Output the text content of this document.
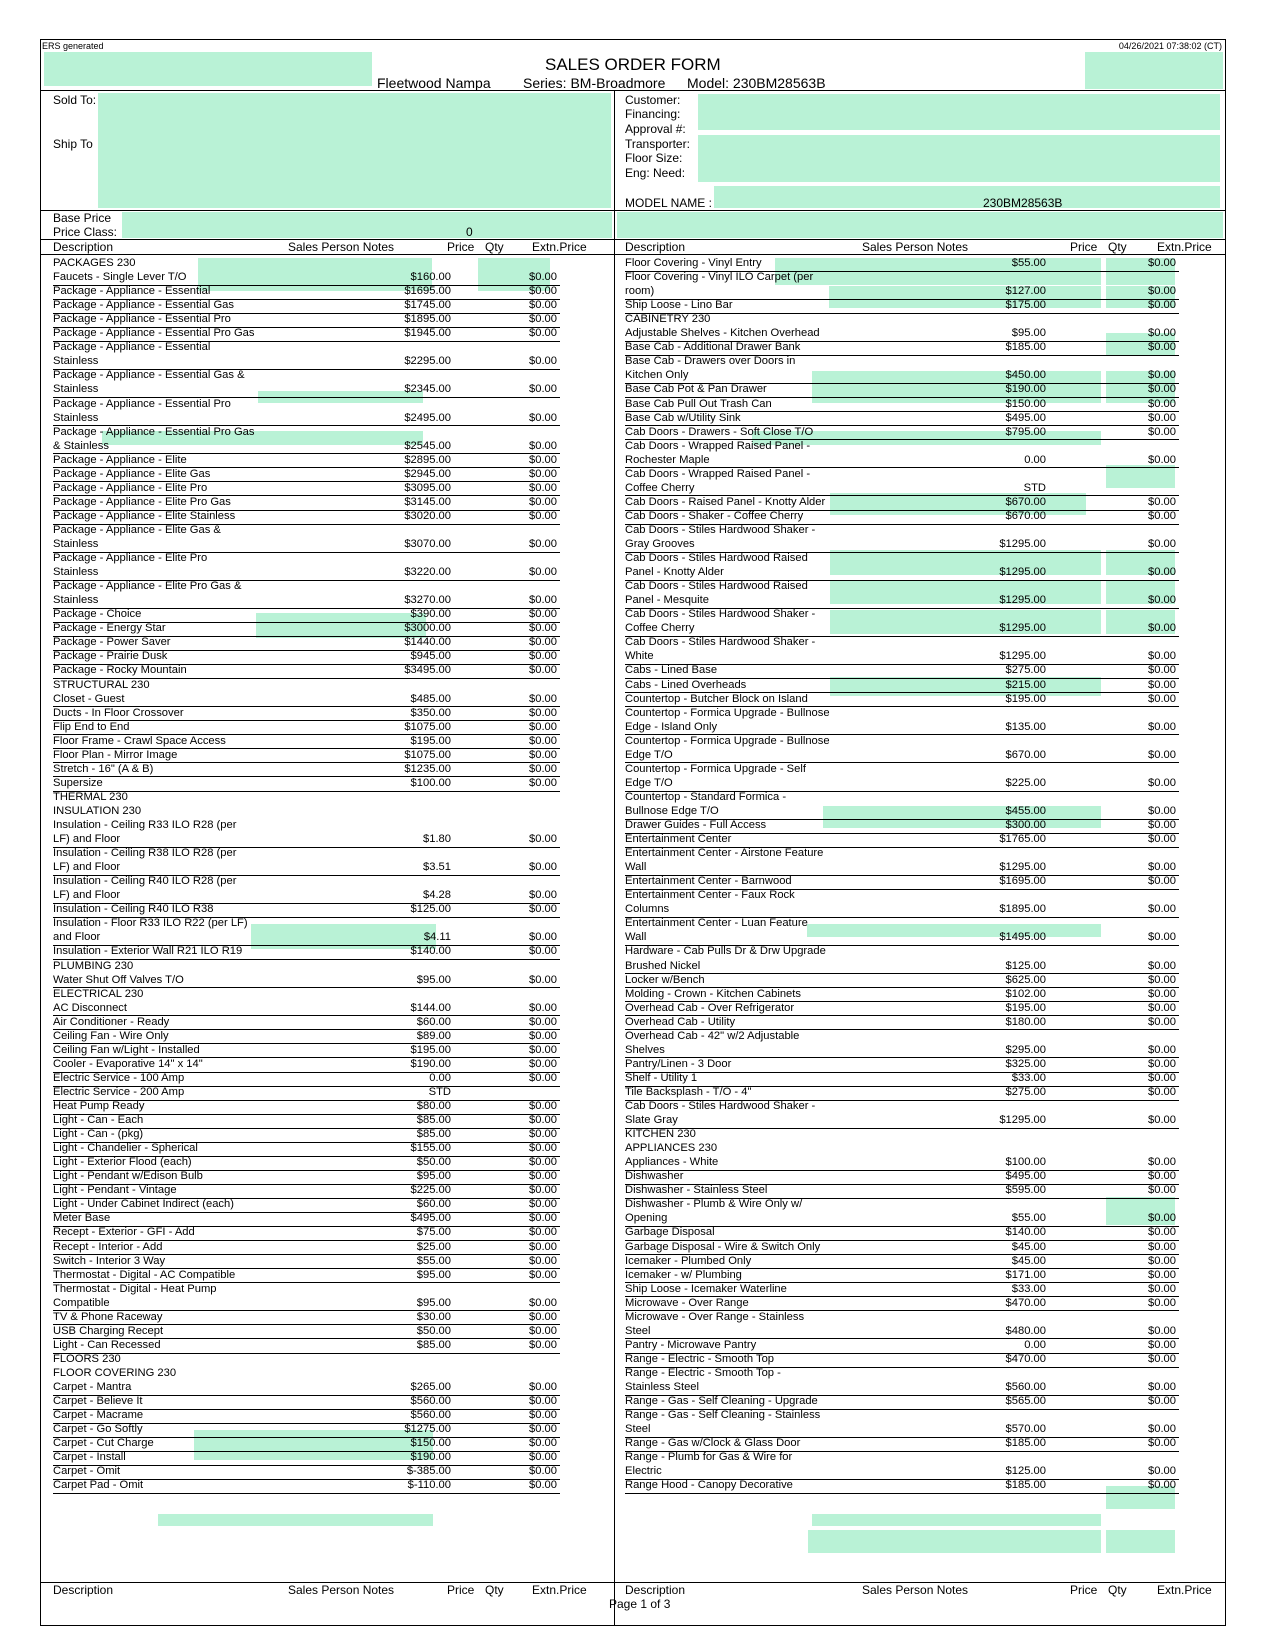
ERS generated	04/26/2021 07:38:02 (CT)
SALES ORDER FORM
Fleetwood Nampa Series: BM-Broadmore Model: 230BM28563B
Sold To:
Ship To
Customer:
Financing:
Approval #:
Transporter:
Floor Size:
Eng: Need:
MODEL NAME :	230BM28563B
Base Price
Price Class:	0
Description	Sales Person Notes	Price Qty Extn.Price	Description	Sales Person Notes	Price Qty	Extn.Price
PACKAGES 230
Faucets - Single Lever T/O	$160.00	$0.00
Package - Appliance - Essential	$1695.00	$0.00
Package - Appliance - Essential Gas	$1745.00	$0.00
Package - Appliance - Essential Pro	$1895.00	$0.00
Package - Appliance - Essential Pro Gas	$1945.00	$0.00
Package - Appliance - Essential
Stainless	$2295.00	$0.00
Package - Appliance - Essential Gas &
Stainless	$2345.00	$0.00
Package - Appliance - Essential Pro
Stainless	$2495.00	$0.00
Package - Appliance - Essential Pro Gas
& Stainless	$2545.00	$0.00
Package - Appliance - Elite	$2895.00	$0.00
Package - Appliance - Elite Gas	$2945.00	$0.00
Package - Appliance - Elite Pro	$3095.00	$0.00
Package - Appliance - Elite Pro Gas	$3145.00	$0.00
Package - Appliance - Elite Stainless	$3020.00	$0.00
Package - Appliance - Elite Gas &
Stainless	$3070.00	$0.00
Package - Appliance - Elite Pro
Stainless	$3220.00	$0.00
Package - Appliance - Elite Pro Gas &
Stainless	$3270.00	$0.00
Package - Choice	$390.00	$0.00
Package - Energy Star	$3000.00	$0.00
Package - Power Saver	$1440.00	$0.00
Package - Prairie Dusk	$945.00	$0.00
Package - Rocky Mountain	$3495.00	$0.00
STRUCTURAL 230
Closet - Guest	$485.00	$0.00
Ducts - In Floor Crossover	$350.00	$0.00
Flip End to End	$1075.00	$0.00
Floor Frame - Crawl Space Access	$195.00	$0.00
Floor Plan - Mirror Image	$1075.00	$0.00
Stretch - 16" (A & B)	$1235.00	$0.00
Supersize	$100.00	$0.00
THERMAL 230
INSULATION 230
Insulation - Ceiling R33 ILO R28 (per
LF) and Floor	$1.80	$0.00
Insulation - Ceiling R38 ILO R28 (per
LF) and Floor	$3.51	$0.00
Insulation - Ceiling R40 ILO R28 (per
LF) and Floor	$4.28	$0.00
Insulation - Ceiling R40 ILO R38	$125.00	$0.00
Insulation - Floor R33 ILO R22 (per LF)
and Floor	$4.11	$0.00
Insulation - Exterior Wall R21 ILO R19	$140.00	$0.00
PLUMBING 230
Water Shut Off Valves T/O	$95.00	$0.00
ELECTRICAL 230
AC Disconnect	$144.00	$0.00
Air Conditioner - Ready	$60.00	$0.00
Ceiling Fan - Wire Only	$89.00	$0.00
Ceiling Fan w/Light - Installed	$195.00	$0.00
Cooler - Evaporative 14" x 14"	$190.00	$0.00
Electric Service - 100 Amp	0.00	$0.00
Electric Service - 200 Amp	STD
Heat Pump Ready	$80.00	$0.00
Light - Can - Each	$85.00	$0.00
Light - Can - (pkg)	$85.00	$0.00
Light - Chandelier - Spherical	$155.00	$0.00
Light - Exterior Flood (each)	$50.00	$0.00
Light - Pendant w/Edison Bulb	$95.00	$0.00
Light - Pendant - Vintage	$225.00	$0.00
Light - Under Cabinet Indirect (each)	$60.00	$0.00
Meter Base	$495.00	$0.00
Recept - Exterior - GFI - Add	$75.00	$0.00
Recept - Interior - Add	$25.00	$0.00
Switch - Interior 3 Way	$55.00	$0.00
Thermostat - Digital - AC Compatible	$95.00	$0.00
Thermostat - Digital - Heat Pump
Compatible	$95.00	$0.00
TV & Phone Raceway	$30.00	$0.00
USB Charging Recept	$50.00	$0.00
Light - Can Recessed	$85.00	$0.00
FLOORS 230
FLOOR COVERING 230
Carpet - Mantra	$265.00	$0.00
Carpet - Believe It	$560.00	$0.00
Carpet - Macrame	$560.00	$0.00
Carpet - Go Softly	$1275.00	$0.00
Carpet - Cut Charge	$150.00	$0.00
Carpet - Install	$190.00	$0.00
Carpet - Omit	$-385.00	$0.00
Carpet Pad - Omit	$-110.00	$0.00
Floor Covering - Vinyl Entry	$55.00	$0.00
Floor Covering - Vinyl ILO Carpet (per
room)	$127.00	$0.00
Ship Loose - Lino Bar	$175.00	$0.00
CABINETRY 230
Adjustable Shelves - Kitchen Overhead	$95.00	$0.00
Base Cab - Additional Drawer Bank	$185.00	$0.00
Base Cab - Drawers over Doors in
Kitchen Only	$450.00	$0.00
Base Cab Pot & Pan Drawer	$190.00	$0.00
Base Cab Pull Out Trash Can	$150.00	$0.00
Base Cab w/Utility Sink	$495.00	$0.00
Cab Doors - Drawers - Soft Close T/O	$795.00	$0.00
Cab Doors - Wrapped Raised Panel -
Rochester Maple	0.00	$0.00
Cab Doors - Wrapped Raised Panel -
Coffee Cherry	STD
Cab Doors - Raised Panel - Knotty Alder	$670.00	$0.00
Cab Doors - Shaker - Coffee Cherry	$670.00	$0.00
Cab Doors - Stiles Hardwood Shaker -
Gray Grooves	$1295.00	$0.00
Cab Doors - Stiles Hardwood Raised
Panel - Knotty Alder	$1295.00	$0.00
Cab Doors - Stiles Hardwood Raised
Panel - Mesquite	$1295.00	$0.00
Cab Doors - Stiles Hardwood Shaker -
Coffee Cherry	$1295.00	$0.00
Cab Doors - Stiles Hardwood Shaker -
White	$1295.00	$0.00
Cabs - Lined Base	$275.00	$0.00
Cabs - Lined Overheads	$215.00	$0.00
Countertop - Butcher Block on Island	$195.00	$0.00
Countertop - Formica Upgrade - Bullnose
Edge - Island Only	$135.00	$0.00
Countertop - Formica Upgrade - Bullnose
Edge T/O	$670.00	$0.00
Countertop - Formica Upgrade - Self
Edge T/O	$225.00	$0.00
Countertop - Standard Formica -
Bullnose Edge T/O	$455.00	$0.00
Drawer Guides - Full Access	$300.00	$0.00
Entertainment Center	$1765.00	$0.00
Entertainment Center - Airstone Feature
Wall	$1295.00	$0.00
Entertainment Center - Barnwood	$1695.00	$0.00
Entertainment Center - Faux Rock
Columns	$1895.00	$0.00
Entertainment Center - Luan Feature
Wall	$1495.00	$0.00
Hardware - Cab Pulls Dr & Drw Upgrade
Brushed Nickel	$125.00	$0.00
Locker w/Bench	$625.00	$0.00
Molding - Crown - Kitchen Cabinets	$102.00	$0.00
Overhead Cab - Over Refrigerator	$195.00	$0.00
Overhead Cab - Utility	$180.00	$0.00
Overhead Cab - 42" w/2 Adjustable
Shelves	$295.00	$0.00
Pantry/Linen - 3 Door	$325.00	$0.00
Shelf - Utility 1	$33.00	$0.00
Tile Backsplash - T/O - 4"	$275.00	$0.00
Cab Doors - Stiles Hardwood Shaker -
Slate Gray	$1295.00	$0.00
KITCHEN 230
APPLIANCES 230
Appliances - White	$100.00	$0.00
Dishwasher	$495.00	$0.00
Dishwasher - Stainless Steel	$595.00	$0.00
Dishwasher - Plumb & Wire Only w/
Opening	$55.00	$0.00
Garbage Disposal	$140.00	$0.00
Garbage Disposal - Wire & Switch Only	$45.00	$0.00
Icemaker - Plumbed Only	$45.00	$0.00
Icemaker - w/ Plumbing	$171.00	$0.00
Ship Loose - Icemaker Waterline	$33.00	$0.00
Microwave - Over Range	$470.00	$0.00
Microwave - Over Range - Stainless
Steel	$480.00	$0.00
Pantry - Microwave Pantry	0.00	$0.00
Range - Electric - Smooth Top	$470.00	$0.00
Range - Electric - Smooth Top -
Stainless Steel	$560.00	$0.00
Range - Gas - Self Cleaning - Upgrade	$565.00	$0.00
Range - Gas - Self Cleaning - Stainless
Steel	$570.00	$0.00
Range - Gas w/Clock & Glass Door	$185.00	$0.00
Range - Plumb for Gas & Wire for
Electric	$125.00	$0.00
Range Hood - Canopy Decorative	$185.00	$0.00
Description	Sales Person Notes	Price Qty Extn.Price	Description	Sales Person Notes	Price Qty	Extn.Price
Page 1 of 3
